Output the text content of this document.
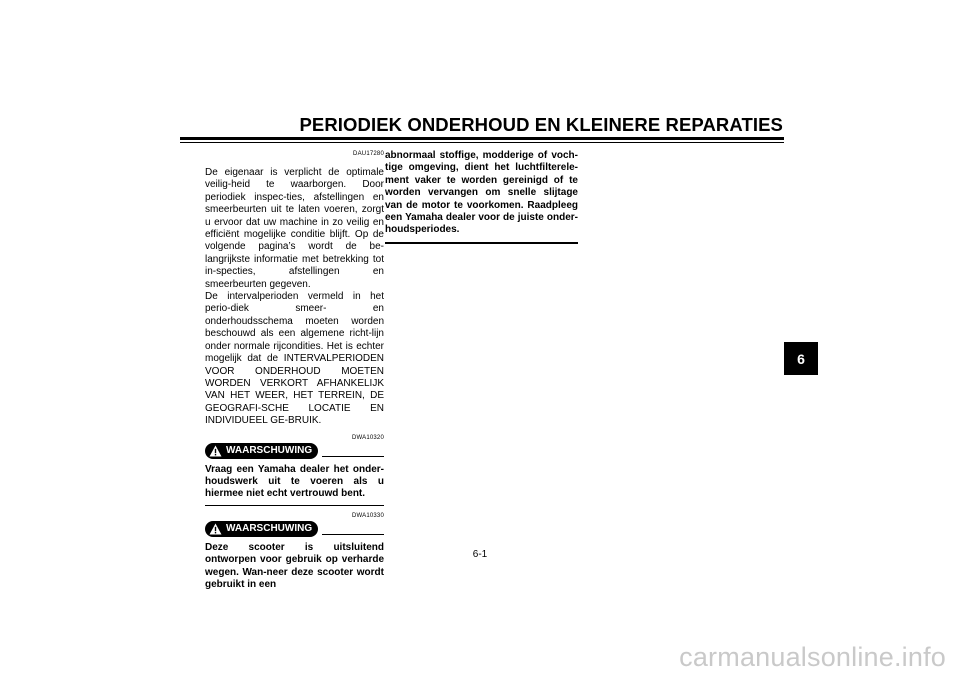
PERIODIEK ONDERHOUD EN KLEINERE REPARATIES
6

DAU17280

De eigenaar is verplicht de optimale veilig-heid te waarborgen. Door periodiek inspec-ties, afstellingen en smeerbeurten uit te laten voeren, zorgt u ervoor dat uw machine in zo veilig en efficiënt mogelijke conditie blijft. Op de volgende pagina’s wordt de be-langrijkste informatie met betrekking tot in-specties, afstellingen en smeerbeurten gegeven.

De intervalperioden vermeld in het perio-diek smeer- en onderhoudsschema moeten worden beschouwd als een algemene richt-lijn onder normale rijcondities. Het is echter mogelijk dat de INTERVALPERIODEN VOOR ONDERHOUD MOETEN WORDEN VERKORT AFHANKELIJK VAN HET WEER, HET TERREIN, DE GEOGRAFI-SCHE LOCATIE EN INDIVIDUEEL GE-BRUIK.

DWA10320

WAARSCHUWING

Vraag een Yamaha dealer het onder-houdswerk uit te voeren als u hiermee niet echt vertrouwd bent.

DWA10330

WAARSCHUWING

Deze scooter is uitsluitend ontworpen voor gebruik op verharde wegen. Wan-neer deze scooter wordt gebruikt in een

abnormaal stoffige, modderige of voch-tige omgeving, dient het luchtfilterele-ment vaker te worden gereinigd of te worden vervangen om snelle slijtage van de motor te voorkomen. Raadpleeg een Yamaha dealer voor de juiste onder-houdsperiodes.

6-1
carmanualsonline.info
